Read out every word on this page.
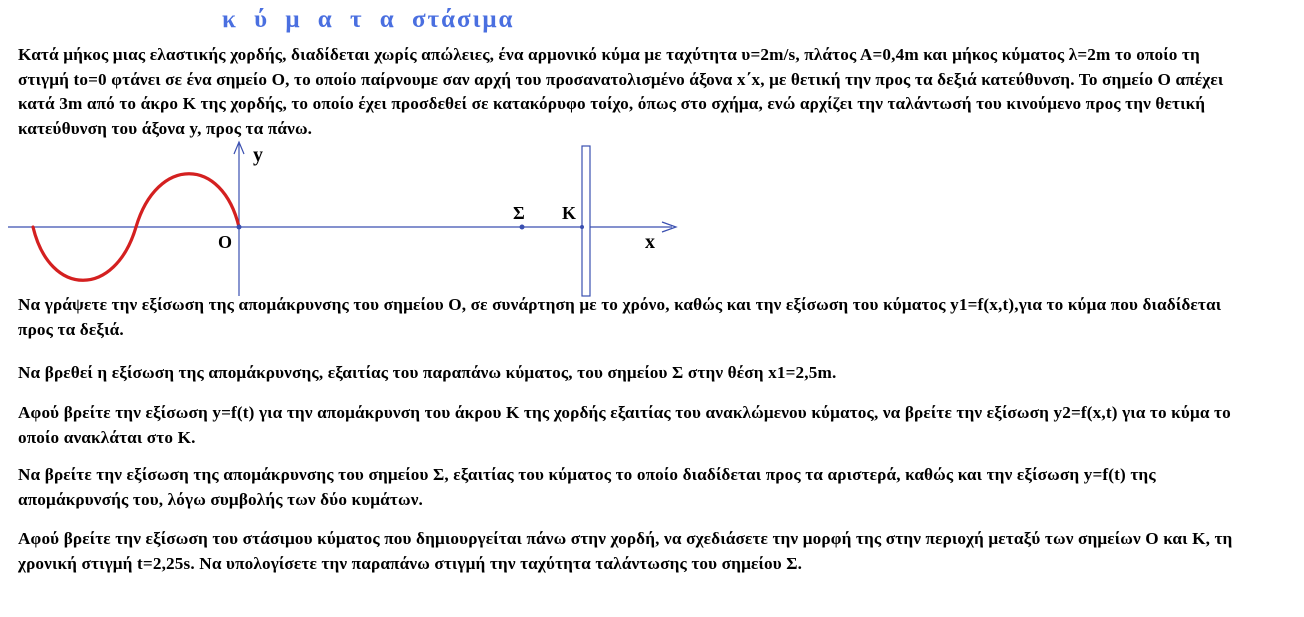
κ ύ μ α τ α στάσιμα

Κατά μήκος μιας ελαστικής χορδής, διαδίδεται χωρίς απώλειες, ένα αρμονικό κύμα με ταχύτητα υ=2m/s, πλάτος Α=0,4m και μήκος κύματος λ=2m το οποίο τη στιγμή to=0 φτάνει σε ένα σημείο Ο, το οποίο παίρνουμε σαν αρχή του προσανατολισμένο άξονα x΄x, με θετική την προς τα δεξιά κατεύθυνση. Το σημείο Ο απέχει κατά 3m από το άκρο Κ της χορδής, το οποίο έχει προσδεθεί σε κατακόρυφο τοίχο, όπως στο σχήμα, ενώ αρχίζει την ταλάντωσή του κινούμενο προς την θετική κατεύθυνση του άξονα y, προς τα πάνω.

y
x
O
Σ K

Να γράψετε την εξίσωση της απομάκρυνσης του σημείου Ο, σε συνάρτηση με το χρόνο, καθώς και την εξίσωση του κύματος y1=f(x,t),για το κύμα που διαδίδεται προς τα δεξιά.

Να βρεθεί η εξίσωση της απομάκρυνσης, εξαιτίας του παραπάνω κύματος, του σημείου Σ στην θέση x1=2,5m.

Αφού βρείτε την εξίσωση y=f(t) για την απομάκρυνση του άκρου Κ της χορδής εξαιτίας του ανακλώμενου κύματος, να βρείτε την εξίσωση y2=f(x,t) για το κύμα το οποίο ανακλάται στο Κ.

Να βρείτε την εξίσωση της απομάκρυνσης του σημείου Σ, εξαιτίας του κύματος το οποίο διαδίδεται προς τα αριστερά, καθώς και την εξίσωση y=f(t) της απομάκρυνσής του, λόγω συμβολής των δύο κυμάτων.

Αφού βρείτε την εξίσωση του στάσιμου κύματος που δημιουργείται πάνω στην χορδή, να σχεδιάσετε την μορφή της στην περιοχή μεταξύ των σημείων Ο και Κ, τη χρονική στιγμή t=2,25s. Να υπολογίσετε την παραπάνω στιγμή την ταχύτητα ταλάντωσης του σημείου Σ.
